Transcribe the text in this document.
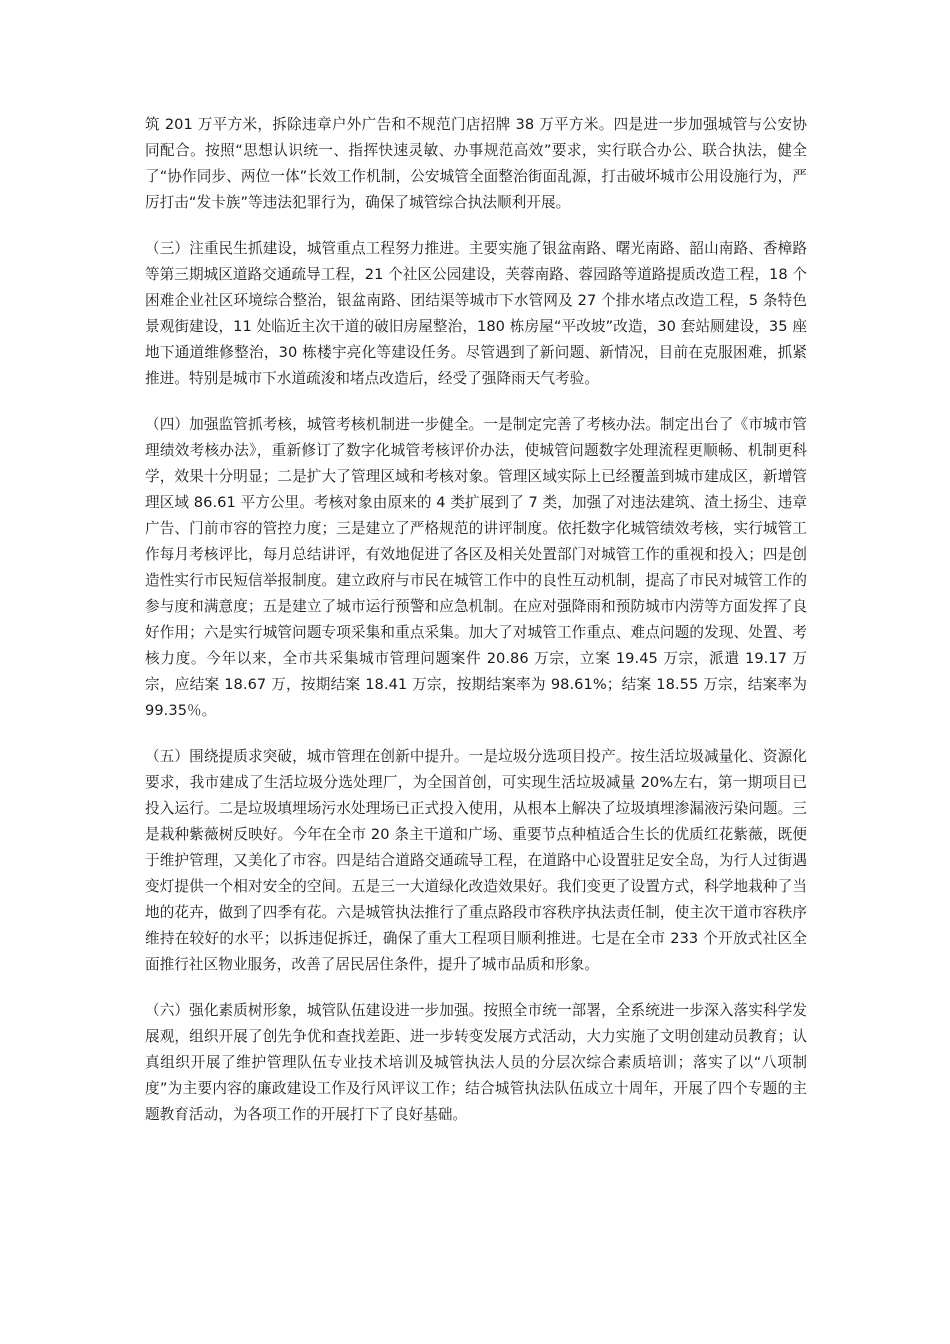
筑 201 万平方米，拆除违章户外广告和不规范门店招牌 38 万平方米。四是进一步加强城管与公安协同配合。按照“思想认识统一、指挥快速灵敏、办事规范高效”要求，实行联合办公、联合执法，健全了“协作同步、两位一体”长效工作机制，公安城管全面整治街面乱源，打击破坏城市公用设施行为，严厉打击“发卡族”等违法犯罪行为，确保了城管综合执法顺利开展。

（三）注重民生抓建设，城管重点工程努力推进。主要实施了银盆南路、曙光南路、韶山南路、香樟路等第三期城区道路交通疏导工程，21 个社区公园建设，芙蓉南路、蓉园路等道路提质改造工程，18 个困难企业社区环境综合整治，银盆南路、团结渠等城市下水管网及 27 个排水堵点改造工程，5 条特色景观街建设，11 处临近主次干道的破旧房屋整治，180 栋房屋“平改坡”改造，30 套站厕建设，35 座地下通道维修整治，30 栋楼宇亮化等建设任务。尽管遇到了新问题、新情况，目前在克服困难，抓紧推进。特别是城市下水道疏浚和堵点改造后，经受了强降雨天气考验。

（四）加强监管抓考核，城管考核机制进一步健全。一是制定完善了考核办法。制定出台了《市城市管理绩效考核办法》，重新修订了数字化城管考核评价办法，使城管问题数字处理流程更顺畅、机制更科学，效果十分明显；二是扩大了管理区域和考核对象。管理区域实际上已经覆盖到城市建成区，新增管理区域 86.61 平方公里。考核对象由原来的 4 类扩展到了 7 类，加强了对违法建筑、渣土扬尘、违章广告、门前市容的管控力度；三是建立了严格规范的讲评制度。依托数字化城管绩效考核，实行城管工作每月考核评比，每月总结讲评，有效地促进了各区及相关处置部门对城管工作的重视和投入；四是创造性实行市民短信举报制度。建立政府与市民在城管工作中的良性互动机制，提高了市民对城管工作的参与度和满意度；五是建立了城市运行预警和应急机制。在应对强降雨和预防城市内涝等方面发挥了良好作用；六是实行城管问题专项采集和重点采集。加大了对城管工作重点、难点问题的发现、处置、考核力度。今年以来，全市共采集城市管理问题案件 20.86 万宗，立案 19.45 万宗，派遣 19.17 万宗，应结案 18.67 万，按期结案 18.41 万宗，按期结案率为 98.61%；结案 18.55 万宗，结案率为 99.35％。

（五）围绕提质求突破，城市管理在创新中提升。一是垃圾分选项目投产。按生活垃圾减量化、资源化要求，我市建成了生活垃圾分选处理厂，为全国首创，可实现生活垃圾减量 20%左右，第一期项目已投入运行。二是垃圾填埋场污水处理场已正式投入使用，从根本上解决了垃圾填埋渗漏液污染问题。三是栽种紫薇树反映好。今年在全市 20 条主干道和广场、重要节点种植适合生长的优质红花紫薇，既便于维护管理，又美化了市容。四是结合道路交通疏导工程，在道路中心设置驻足安全岛，为行人过街遇变灯提供一个相对安全的空间。五是三一大道绿化改造效果好。我们变更了设置方式，科学地栽种了当地的花卉，做到了四季有花。六是城管执法推行了重点路段市容秩序执法责任制，使主次干道市容秩序维持在较好的水平；以拆违促拆迁，确保了重大工程项目顺利推进。七是在全市 233 个开放式社区全面推行社区物业服务，改善了居民居住条件，提升了城市品质和形象。

（六）强化素质树形象，城管队伍建设进一步加强。按照全市统一部署，全系统进一步深入落实科学发展观，组织开展了创先争优和查找差距、进一步转变发展方式活动，大力实施了文明创建动员教育；认真组织开展了维护管理队伍专业技术培训及城管执法人员的分层次综合素质培训；落实了以“八项制度”为主要内容的廉政建设工作及行风评议工作；结合城管执法队伍成立十周年，开展了四个专题的主题教育活动，为各项工作的开展打下了良好基础。
